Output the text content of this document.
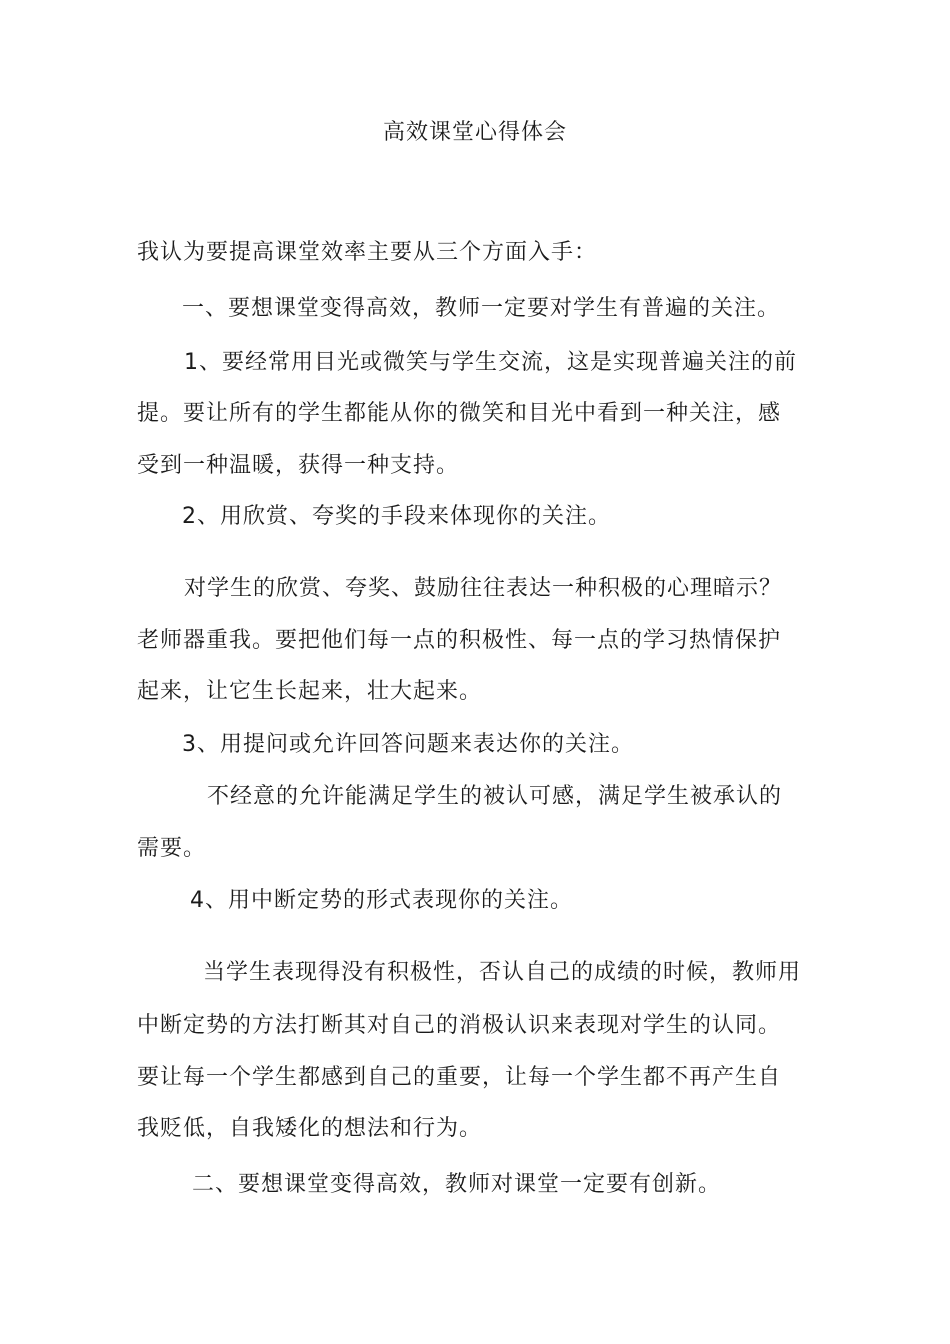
高效课堂心得体会
我认为要提高课堂效率主要从三个方面入手：
一、要想课堂变得高效，教师一定要对学生有普遍的关注。
1、要经常用目光或微笑与学生交流，这是实现普遍关注的前
提。要让所有的学生都能从你的微笑和目光中看到一种关注，感
受到一种温暖，获得一种支持。
2、用欣赏、夸奖的手段来体现你的关注。
对学生的欣赏、夸奖、鼓励往往表达一种积极的心理暗示？
老师器重我。要把他们每一点的积极性、每一点的学习热情保护
起来，让它生长起来，壮大起来。
3、用提问或允许回答问题来表达你的关注。
不经意的允许能满足学生的被认可感，满足学生被承认的
需要。
4、用中断定势的形式表现你的关注。
当学生表现得没有积极性，否认自己的成绩的时候，教师用
中断定势的方法打断其对自己的消极认识来表现对学生的认同。
要让每一个学生都感到自己的重要，让每一个学生都不再产生自
我贬低，自我矮化的想法和行为。
二、要想课堂变得高效，教师对课堂一定要有创新。
